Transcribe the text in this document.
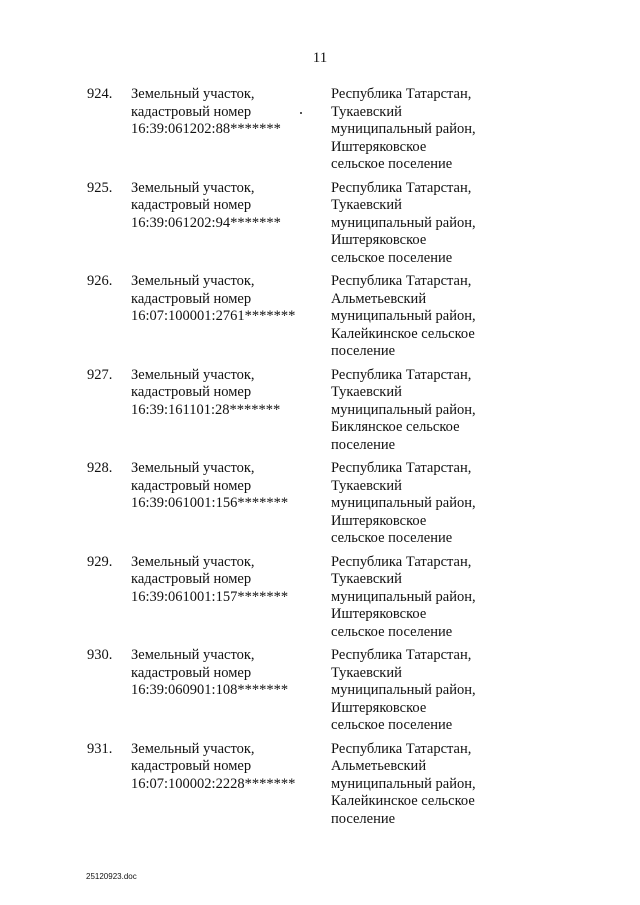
11
924. Земельный участок,
кадастровый номер
16:39:061202:88*******
Республика Татарстан,
Тукаевский
муниципальный район,
Иштеряковское
сельское поселение
925. Земельный участок,
кадастровый номер
16:39:061202:94*******
Республика Татарстан,
Тукаевский
муниципальный район,
Иштеряковское
сельское поселение
926. Земельный участок,
кадастровый номер
16:07:100001:2761*******
Республика Татарстан,
Альметьевский
муниципальный район,
Калейкинское сельское
поселение
927. Земельный участок,
кадастровый номер
16:39:161101:28*******
Республика Татарстан,
Тукаевский
муниципальный район,
Биклянское сельское
поселение
928. Земельный участок,
кадастровый номер
16:39:061001:156*******
Республика Татарстан,
Тукаевский
муниципальный район,
Иштеряковское
сельское поселение
929. Земельный участок,
кадастровый номер
16:39:061001:157*******
Республика Татарстан,
Тукаевский
муниципальный район,
Иштеряковское
сельское поселение
930. Земельный участок,
кадастровый номер
16:39:060901:108*******
Республика Татарстан,
Тукаевский
муниципальный район,
Иштеряковское
сельское поселение
931. Земельный участок,
кадастровый номер
16:07:100002:2228*******
Республика Татарстан,
Альметьевский
муниципальный район,
Калейкинское сельское
поселение
25120923.doc
